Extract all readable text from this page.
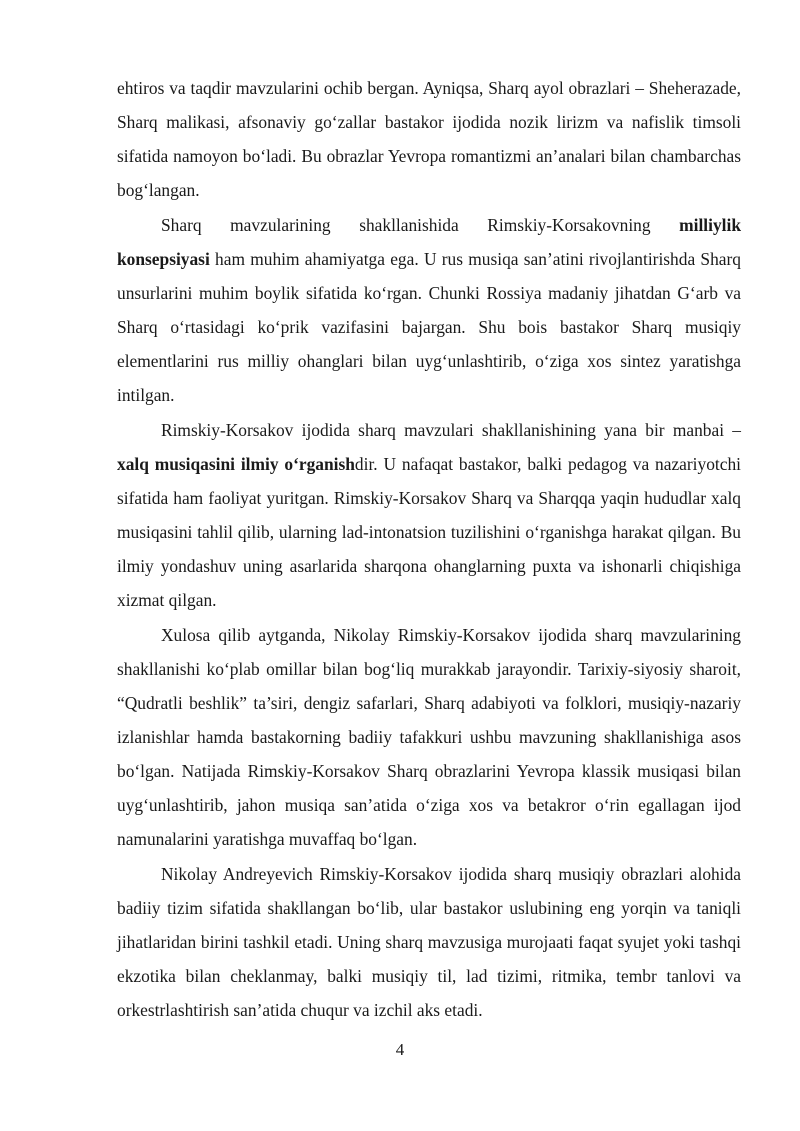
ehtiros va taqdir mavzularini ochib bergan. Ayniqsa, Sharq ayol obrazlari – Sheherazade, Sharq malikasi, afsonaviy go‘zallar bastakor ijodida nozik lirizm va nafislik timsoli sifatida namoyon bo‘ladi. Bu obrazlar Yevropa romantizmi an’analari bilan chambarchas bog‘langan.

Sharq mavzularining shakllanishida Rimskiy-Korsakovning milliylik konsepsiyasi ham muhim ahamiyatga ega. U rus musiqa san’atini rivojlantirishda Sharq unsurlarini muhim boylik sifatida ko‘rgan. Chunki Rossiya madaniy jihatdan G‘arb va Sharq o‘rtasidagi ko‘prik vazifasini bajargan. Shu bois bastakor Sharq musiqiy elementlarini rus milliy ohanglari bilan uyg‘unlashtirib, o‘ziga xos sintez yaratishga intilgan.

Rimskiy-Korsakov ijodida sharq mavzulari shakllanishining yana bir manbai – xalq musiqasini ilmiy o‘rganishdir. U nafaqat bastakor, balki pedagog va nazariyotchi sifatida ham faoliyat yuritgan. Rimskiy-Korsakov Sharq va Sharqqa yaqin hududlar xalq musiqasini tahlil qilib, ularning lad-intonatsion tuzilishini o‘rganishga harakat qilgan. Bu ilmiy yondashuv uning asarlarida sharqona ohanglarning puxta va ishonarli chiqishiga xizmat qilgan.

Xulosa qilib aytganda, Nikolay Rimskiy-Korsakov ijodida sharq mavzularining shakllanishi ko‘plab omillar bilan bog‘liq murakkab jarayondir. Tarixiy-siyosiy sharoit, “Qudratli beshlik” ta’siri, dengiz safarlari, Sharq adabiyoti va folklori, musiqiy-nazariy izlanishlar hamda bastakorning badiiy tafakkuri ushbu mavzuning shakllanishiga asos bo‘lgan. Natijada Rimskiy-Korsakov Sharq obrazlarini Yevropa klassik musiqasi bilan uyg‘unlashtirib, jahon musiqa san’atida o‘ziga xos va betakror o‘rin egallagan ijod namunalarini yaratishga muvaffaq bo‘lgan.

Nikolay Andreyevich Rimskiy-Korsakov ijodida sharq musiqiy obrazlari alohida badiiy tizim sifatida shakllangan bo‘lib, ular bastakor uslubining eng yorqin va taniqli jihatlaridan birini tashkil etadi. Uning sharq mavzusiga murojaati faqat syujet yoki tashqi ekzotika bilan cheklanmay, balki musiqiy til, lad tizimi, ritmika, tembr tanlovi va orkestrlashtirish san’atida chuqur va izchil aks etadi.

4
